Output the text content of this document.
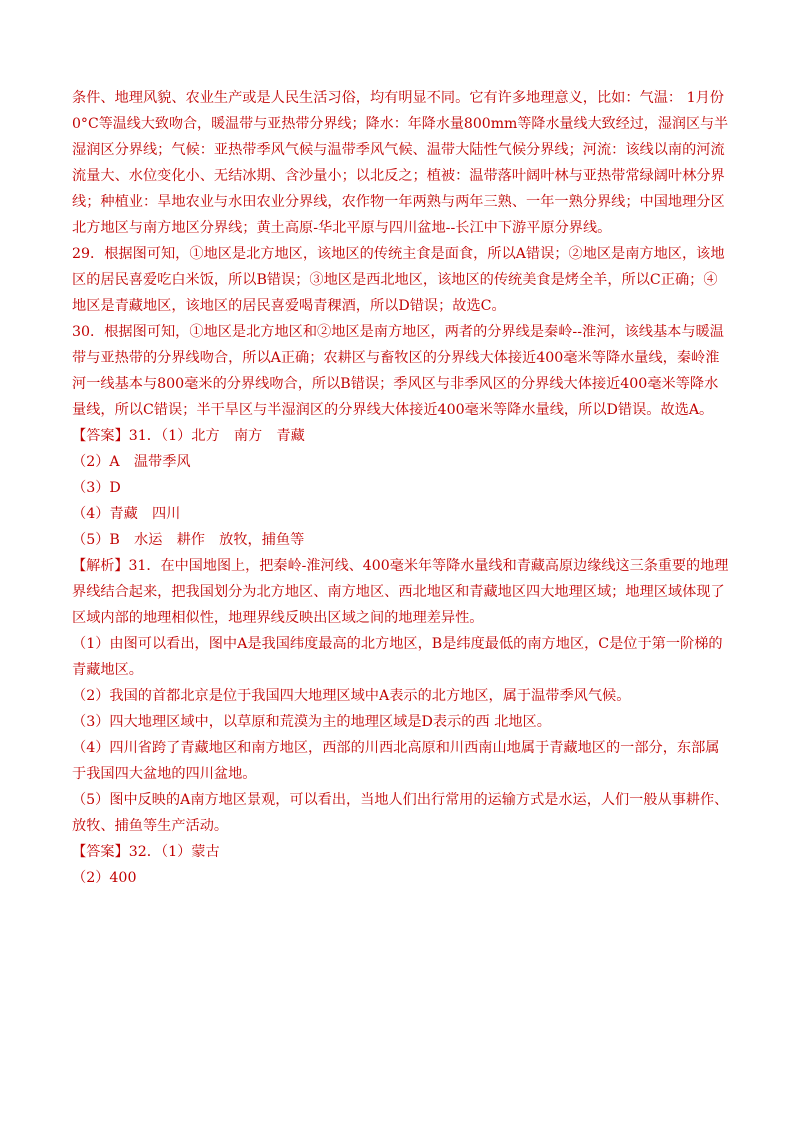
条件、地理风貌、农业生产或是人民生活习俗，均有明显不同。它有许多地理意义，比如：气温： 1月份
0°C等温线大致吻合，暖温带与亚热带分界线；降水：年降水量800mm等降水量线大致经过，湿润区与半
湿润区分界线；气候：亚热带季风气候与温带季风气候、温带大陆性气候分界线；河流：该线以南的河流
流量大、水位变化小、无结冰期、含沙量小；以北反之；植被：温带落叶阔叶林与亚热带常绿阔叶林分界
线；种植业：旱地农业与水田农业分界线，农作物一年两熟与两年三熟、一年一熟分界线；中国地理分区
北方地区与南方地区分界线；黄土高原-华北平原与四川盆地--长江中下游平原分界线。
29．根据图可知，①地区是北方地区，该地区的传统主食是面食，所以A错误；②地区是南方地区，该地
区的居民喜爱吃白米饭，所以B错误；③地区是西北地区，该地区的传统美食是烤全羊，所以C正确；④
地区是青藏地区，该地区的居民喜爱喝青稞酒，所以D错误；故选C。
30．根据图可知，①地区是北方地区和②地区是南方地区，两者的分界线是秦岭--淮河，该线基本与暖温
带与亚热带的分界线吻合，所以A正确；农耕区与畜牧区的分界线大体接近400毫米等降水量线，秦岭淮
河一线基本与800毫米的分界线吻合，所以B错误；季风区与非季风区的分界线大体接近400毫米等降水
量线，所以C错误；半干旱区与半湿润区的分界线大体接近400毫米等降水量线，所以D错误。故选A。
【答案】31．（1）北方　南方　青藏
（2）A　温带季风
（3）D
（4）青藏　四川
（5）B　水运　耕作　放牧，捕鱼等
【解析】31．在中国地图上，把秦岭-淮河线、400毫米年等降水量线和青藏高原边缘线这三条重要的地理
界线结合起来，把我国划分为北方地区、南方地区、西北地区和青藏地区四大地理区域；地理区域体现了
区域内部的地理相似性，地理界线反映出区域之间的地理差异性。
（1）由图可以看出，图中A是我国纬度最高的北方地区，B是纬度最低的南方地区，C是位于第一阶梯的
青藏地区。
（2）我国的首都北京是位于我国四大地理区域中A表示的北方地区，属于温带季风气候。
（3）四大地理区域中，以草原和荒漠为主的地理区域是D表示的西 北地区。
（4）四川省跨了青藏地区和南方地区，西部的川西北高原和川西南山地属于青藏地区的一部分，东部属
于我国四大盆地的四川盆地。
（5）图中反映的A南方地区景观，可以看出，当地人们出行常用的运输方式是水运，人们一般从事耕作、
放牧、捕鱼等生产活动。
【答案】32．（1）蒙古
（2）400
